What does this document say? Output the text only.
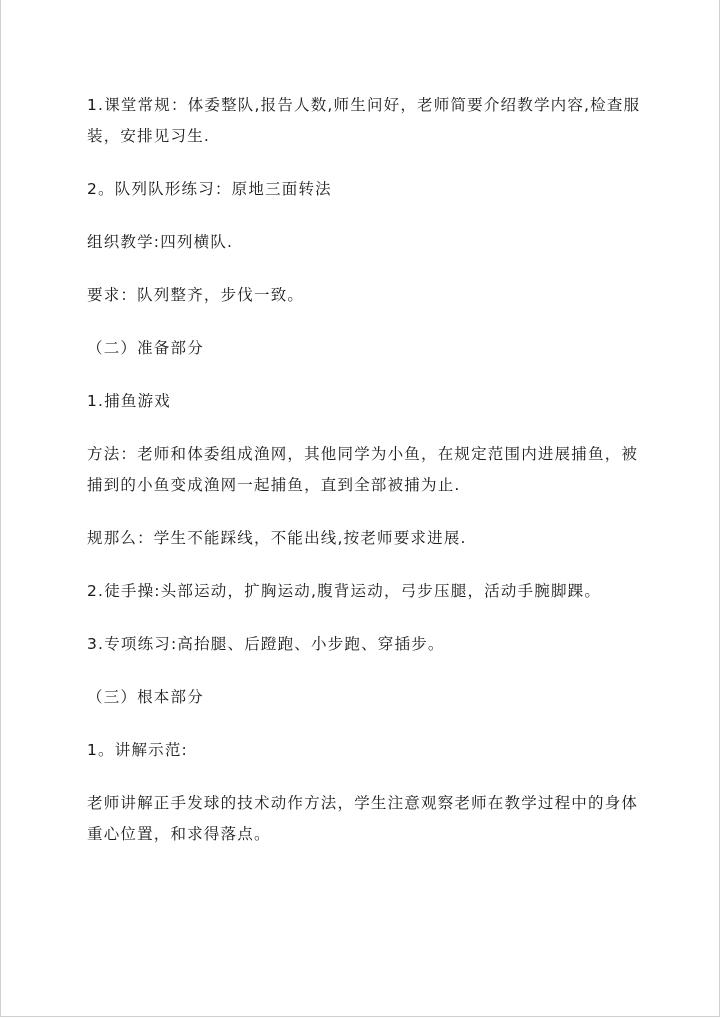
1.课堂常规：体委整队,报告人数,师生问好，老师简要介绍教学内容,检查服装，安排见习生.

2。队列队形练习：原地三面转法

组织教学:四列横队.

要求：队列整齐，步伐一致。

（二）准备部分

1.捕鱼游戏

方法：老师和体委组成渔网，其他同学为小鱼，在规定范围内进展捕鱼，被捕到的小鱼变成渔网一起捕鱼，直到全部被捕为止.

规那么：学生不能踩线，不能出线,按老师要求进展.

2.徒手操:头部运动，扩胸运动,腹背运动，弓步压腿，活动手腕脚踝。

3.专项练习:高抬腿、后蹬跑、小步跑、穿插步。

（三）根本部分

1。讲解示范:

老师讲解正手发球的技术动作方法，学生注意观察老师在教学过程中的身体重心位置，和求得落点。
